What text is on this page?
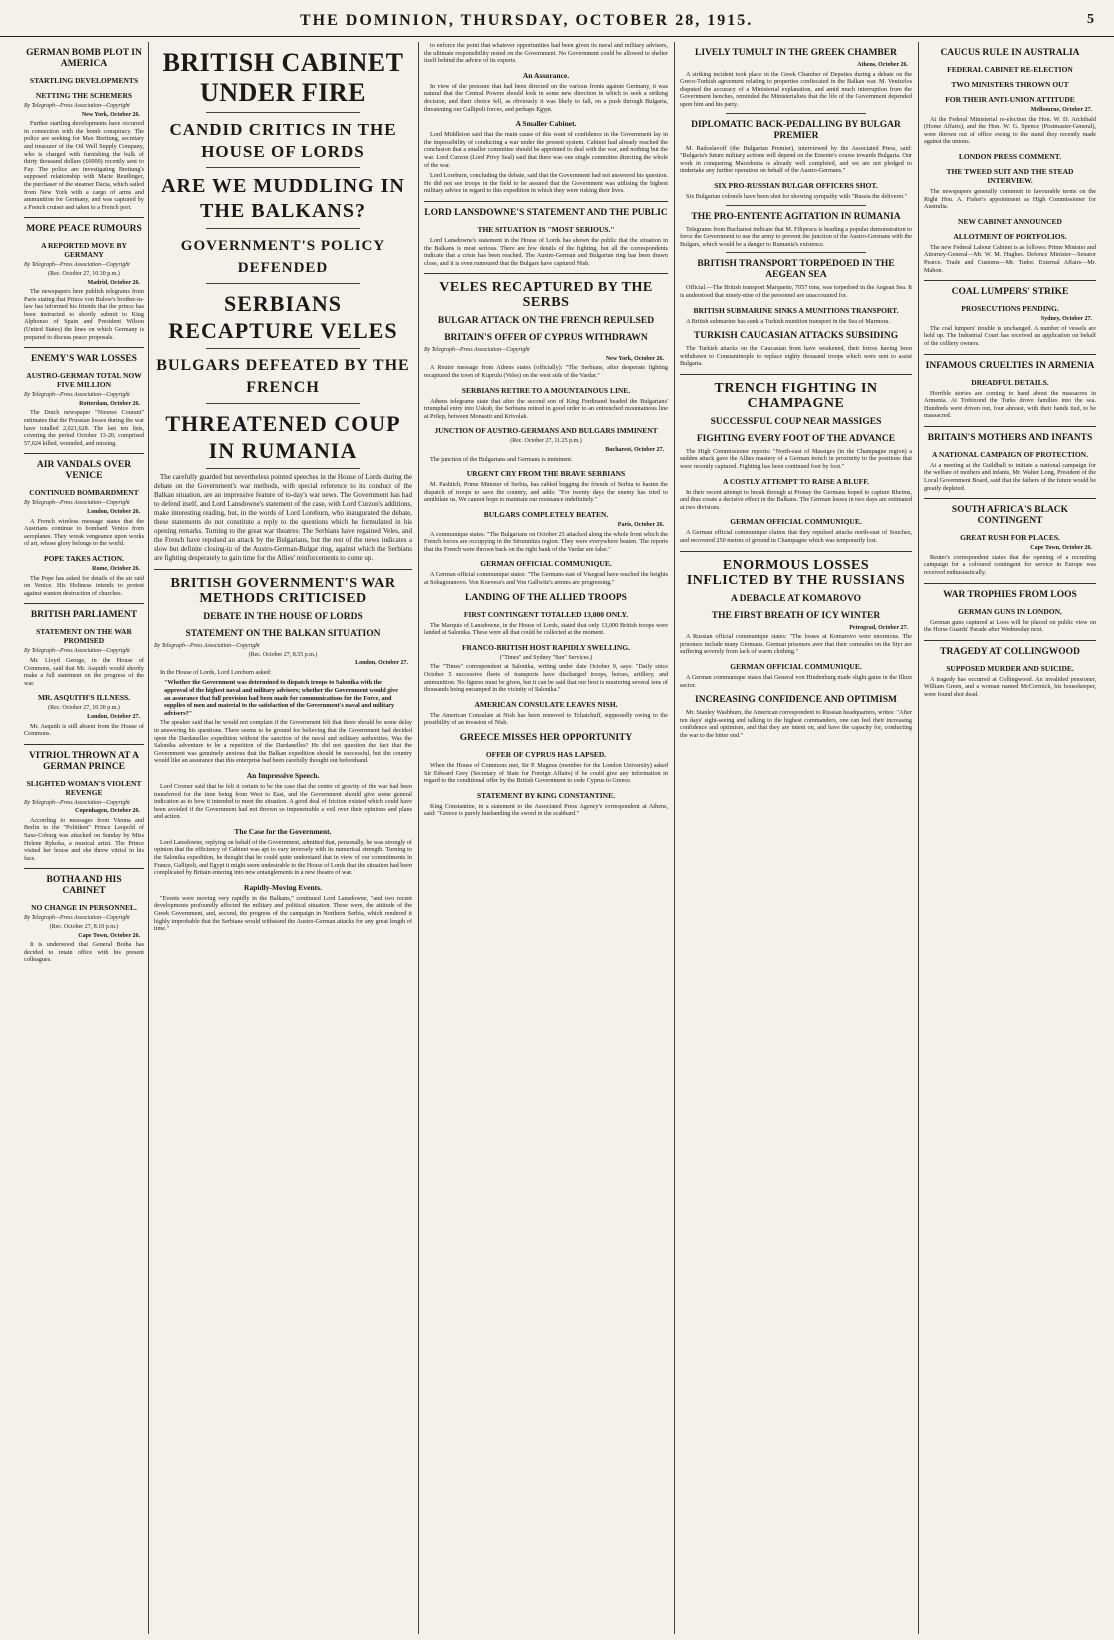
THE DOMINION, THURSDAY, OCTOBER 28, 1915.	5
GERMAN BOMB PLOT IN AMERICA
STARTLING DEVELOPMENTS
NETTING THE SCHEMERS
By Telegraph—Press Association—Copyright
New York, October 26.

Further startling developments have occurred in connection with the bomb conspiracy. The police are seeking for Max Breitung, secretary and treasurer of the Oil Well Supply Company, who is charged with furnishing the bulk of thirty thousand dollars (£6000) recently sent to Fay. The police are investigating Breitung's supposed relationship with Marie Reutlinger, the purchaser of the steamer Dacia, which sailed from New York with a cargo of arms and ammunition for Germany, and was captured by a French cruiser and taken to a French port.

MORE PEACE RUMOURS
A REPORTED MOVE BY GERMANY
By Telegraph—Press Association—Copyright
(Rec. October 27, 10.30 p.m.)
Madrid, October 26.

The newspapers here publish telegrams from Paris stating that Prince von Bulow's brother-in-law has informed his friends that the prince has been instructed to shortly submit to King Alphonso of Spain and President Wilson (United States) the lines on which Germany is prepared to discuss peace proposals.

ENEMY'S WAR LOSSES
AUSTRO-GERMAN TOTAL NOW FIVE MILLION
By Telegraph—Press Association—Copyright
Rotterdam, October 26.

The Dutch newspaper "Nieuwe Courant" estimates that the Prussian losses during the war have totalled 2,021,628. The last ten lists, covering the period October 13-20, comprised 57,624 killed, wounded, and missing.

AIR VANDALS OVER VENICE
CONTINUED BOMBARDMENT
By Telegraph—Press Association—Copyright
London, October 26.

A French wireless message states that the Austrians continue to bombard Venice from aeroplanes. They wreak vengeance upon works of art, whose glory belongs to the world.

POPE TAKES ACTION.
Rome, October 26.

The Pope has asked for details of the air raid on Venice. His Holiness intends to protest against wanton destruction of churches.

BRITISH PARLIAMENT
STATEMENT ON THE WAR PROMISED
By Telegraph—Press Association—Copyright

Mr. Lloyd George, in the House of Commons, said that Mr. Asquith would shortly make a full statement on the progress of the war.

MR. ASQUITH'S ILLNESS.
(Rec. October 27, 10.30 p.m.)
London, October 27.

Mr. Asquith is still absent from the House of Commons.

VITRIOL THROWN AT A GERMAN PRINCE
SLIGHTED WOMAN'S VIOLENT REVENGE
By Telegraph—Press Association—Copyright
Copenhagen, October 26.

According to messages from Vienna and Berlin to the "Politiken" Prince Leopold of Saxe-Coburg was attacked on Sunday by Miss Helene Rykoka, a musical artist. The Prince visited her house and she threw vitriol in his face.

BOTHA AND HIS CABINET
NO CHANGE IN PERSONNEL.
By Telegraph—Press Association—Copyright
(Rec. October 27, 8.10 p.m.)
Cape Town, October 26.

It is understood that General Botha has decided to retain office with his present colleagues.

BRITISH CABINET UNDER FIRE
CANDID CRITICS IN THE HOUSE OF LORDS
ARE WE MUDDLING IN THE BALKANS?
GOVERNMENT'S POLICY DEFENDED
SERBIANS RECAPTURE VELES
BULGARS DEFEATED BY THE FRENCH
THREATENED COUP IN RUMANIA

The carefully guarded but nevertheless pointed speeches in the House of Lords during the debate on the Government's war methods, with special reference to its conduct of the Balkan situation, are an impressive feature of to-day's war news. The Government has had to defend itself, and Lord Lansdowne's statement of the case, with Lord Curzon's additions, make interesting reading, but, in the words of Lord Loreburn, who inaugurated the debate, these statements do not constitute a reply to the questions which he formulated in his opening remarks. Turning to the great war theatres: The Serbians have regained Veles, and the French have repulsed an attack by the Bulgarians, but the rest of the news indicates a slow but definite closing-in of the Austro-German-Bulgar ring, against which the Serbians are fighting desperately to gain time for the Allies' reinforcements to come up.

BRITISH GOVERNMENT'S WAR METHODS CRITICISED
DEBATE IN THE HOUSE OF LORDS
STATEMENT ON THE BALKAN SITUATION
By Telegraph—Press Association—Copyright
(Rec. October 27, 8.55 p.m.)
London, October 27.

In the House of Lords, Lord Loreburn asked:

"Whether the Government was determined to dispatch troops to Salonika with the approval of the highest naval and military advisers; whether the Government would give an assurance that full provision had been made for communications for the Force, and supplies of men and material to the satisfaction of the Government's naval and military advisers?"

The speaker said that he would not complain if the Government felt that there should be some delay in answering his questions. There seems to be ground for believing that the Government had decided upon the Dardanelles expedition without the sanction of the naval and military authorities. Was the Salonika adventure to be a repetition of the Dardanelles? He did not question the fact that the Government was genuinely anxious that the Balkan expedition should be successful, but the country would like an assurance that this enterprise had been carefully thought out beforehand.

An Impressive Speech.

Lord Cromer said that he felt it certain to be the case that the centre of gravity of the war had been transferred for the time being from West to East, and the Government should give some general indication as to how it intended to meet the situation. A good deal of friction existed which could have been avoided if the Government had not thrown so impenetrable a veil over their opinions and plans and action.

The Case for the Government.

Lord Lansdowne, replying on behalf of the Government, admitted that, personally, he was strongly of opinion that the efficiency of Cabinet was apt to vary inversely with its numerical strength. Turning to the Salonika expedition, he thought that he could quite understand that in view of our commitments in France, Gallipoli, and Egypt it might seem undesirable to the House of Lords that the situation had been complicated by Britain entering into new entanglements in a new theatre of war.

Rapidly-Moving Events.

"Events were moving very rapidly in the Balkans," continued Lord Lansdowne, "and two recent developments profoundly affected the military and political situation. These were, the attitude of the Greek Government, and, second, the progress of the campaign in Northern Serbia, which rendered it highly improbable that the Serbians would withstand the Austro-German attacks for any great length of time."

to enforce the point that whatever opportunities had been given its naval and military advisers, the ultimate responsibility rested on the Government. No Government could be allowed to shelter itself behind the advice of its experts.

An Assurance.

In view of the pressure that had been directed on the various fronts against Germany, it was natural that the Central Powers should look in some new direction in which to seek a striking decision, and their choice fell, as obviously it was likely to fall, on a push through Bulgaria, threatening our Gallipoli forces, and perhaps Egypt.

A Smaller Cabinet.

Lord Middleton said that the main cause of this want of confidence in the Government lay in the impossibility of conducting a war under the present system. Cabinet had already reached the conclusion that a smaller committee should be appointed to deal with the war, and nothing but the war. Lord Curzon (Lord Privy Seal) said that there was one single committee directing the whole of the war.

Lord Loreburn, concluding the debate, said that the Government had not answered his question. He did not see troops in the field to be assured that the Government was utilising the highest military advice in regard to this expedition in which they were risking their lives.

LORD LANSDOWNE'S STATEMENT AND THE PUBLIC
THE SITUATION IS "MOST SERIOUS."

Lord Lansdowne's statement in the House of Lords has shown the public that the situation in the Balkans is most serious. There are few details of the fighting, but all the correspondents indicate that a crisis has been reached. The Austro-German and Bulgarian ring has been drawn close, and it is even rumoured that the Bulgars have captured Nish.

VELES RECAPTURED BY THE SERBS
BULGAR ATTACK ON THE FRENCH REPULSED
BRITAIN'S OFFER OF CYPRUS WITHDRAWN
By Telegraph—Press Association—Copyright
New York, October 26.

A Reuter message from Athens states (officially): "The Serbians, after desperate fighting recaptured the town of Kuprulu (Veles) on the west side of the Vardar."

SERBIANS RETIRE TO A MOUNTAINOUS LINE.

Athens telegrams state that after the second son of King Ferdinand headed the Bulgarians' triumphal entry into Uskub, the Serbians retired in good order to an entrenched mountainous line at Prilep, between Monastir and Krivolak.

JUNCTION OF AUSTRO-GERMANS AND BULGARS IMMINENT
(Rec. October 27, 11.25 p.m.)
Bucharest, October 27.

The junction of the Bulgarians and Germans is imminent.

URGENT CRY FROM THE BRAVE SERBIANS

M. Pashitch, Prime Minister of Serbia, has cabled begging the friends of Serbia to hasten the dispatch of troops to save the country, and adds: "For twenty days the enemy has tried to annihilate us. We cannot hope to maintain our resistance indefinitely."

BULGARS COMPLETELY BEATEN.
Paris, October 26.

A communique states: "The Bulgarians on October 25 attacked along the whole front which the French forces are occupying in the Strumnitza region. They were everywhere beaten. The reports that the French were thrown back on the right bank of the Vardar are false."

GERMAN OFFICIAL COMMUNIQUE.

A German official communique states: "The Germans east of Visegrad have reached the heights at Sobagoranovo. Von Koevess's and Von Gallwitz's armies are progressing."

LANDING OF THE ALLIED TROOPS
FIRST CONTINGENT TOTALLED 13,000 ONLY.

The Marquis of Lansdowne, in the House of Lords, stated that only 13,000 British troops were landed at Salonika. These were all that could be collected at the moment.

FRANCO-BRITISH HOST RAPIDLY SWELLING.
("Times" and Sydney "Sun" Services.)

The "Times" correspondent at Salonika, writing under date October 9, says: "Daily since October 5 successive fleets of transports have discharged troops, horses, artillery, and ammunition. No figures must be given, but it can be said that our host is mustering several tens of thousands being encamped in the vicinity of Salonika."

AMERICAN CONSULATE LEAVES NISH.

The American Consulate at Nish has been removed to Tchatchuff, supposedly owing to the possibility of an invasion of Nish.

GREECE MISSES HER OPPORTUNITY
OFFER OF CYPRUS HAS LAPSED.

When the House of Commons met, Sir P. Magnus (member for the London University) asked Sir Edward Grey (Secretary of State for Foreign Affairs) if he could give any information in regard to the conditional offer by the British Government to cede Cyprus to Greece.

STATEMENT BY KING CONSTANTINE.

King Constantine, in a statement to the Associated Press Agency's correspondent at Athens, said: "Greece is purely husbanding the sword in the scabbard."

LIVELY TUMULT IN THE GREEK CHAMBER
Athens, October 26.

A striking incident took place in the Greek Chamber of Deputies during a debate on the Greco-Turkish agreement relating to properties confiscated in the Balkan war. M. Venizelos disputed the accuracy of a Ministerial explanation, and amid much interruption from the Government benches, reminded the Ministerialists that the life of the Government depended upon him and his party.

DIPLOMATIC BACK-PEDALLING BY BULGAR PREMIER

M. Radoslavoff (the Bulgarian Premier), interviewed by the Associated Press, said: "Bulgaria's future military actions will depend on the Entente's course towards Bulgaria. Our work in conquering Macedonia is already well completed, and we are not pledged to undertake any further operation on behalf of the Austro-Germans."

SIX PRO-RUSSIAN BULGAR OFFICERS SHOT.

Six Bulgarian colonels have been shot for showing sympathy with "Russia the deliverer."

THE PRO-ENTENTE AGITATION IN RUMANIA

Telegrams from Bucharest indicate that M. Filipescu is heading a popular demonstration to force the Government to use the army to prevent the junction of the Austro-Germans with the Bulgars, which would be a danger to Rumania's existence.

BRITISH TRANSPORT TORPEDOED IN THE AEGEAN SEA

Official.—The British transport Marquette, 7057 tons, was torpedoed in the Aegean Sea. It is understood that ninety-nine of the personnel are unaccounted for.

BRITISH SUBMARINE SINKS A MUNITIONS TRANSPORT.

A British submarine has sunk a Turkish munition transport in the Sea of Marmora.

TURKISH CAUCASIAN ATTACKS SUBSIDING

The Turkish attacks on the Caucasian front have weakened, their forces having been withdrawn to Constantinople to replace eighty thousand troops which were sent to assist Bulgaria.

TRENCH FIGHTING IN CHAMPAGNE
SUCCESSFUL COUP NEAR MASSIGES
FIGHTING EVERY FOOT OF THE ADVANCE

The High Commissioner reports: "North-east of Massiges (in the Champagne region) a sudden attack gave the Allies mastery of a German trench in proximity to the positions that were recently captured. Fighting has been continued foot by foot."

A COSTLY ATTEMPT TO RAISE A BLUFF.

In their recent attempt to break through at Pronay the Germans hoped to capture Rheims, and thus create a decisive effect in the Balkans. The German losses in two days are estimated at two divisions.

GERMAN OFFICIAL COMMUNIQUE.

A German official communique claims that they repulsed attacks north-east of Souchez, and recovered 250 metres of ground in Champagne which was temporarily lost.

ENORMOUS LOSSES INFLICTED BY THE RUSSIANS
A DEBACLE AT KOMAROVO
THE FIRST BREATH OF ICY WINTER
Petrograd, October 27.

A Russian official communique states: "The losses at Komarovo were enormous. The prisoners include many Germans. German prisoners aver that their comrades on the Styr are suffering severely from lack of warm clothing."

GERMAN OFFICIAL COMMUNIQUE.

A German communique states that General von Hindenburg made slight gains in the Illuxt sector.

INCREASING CONFIDENCE AND OPTIMISM

Mr. Stanley Washburn, the American correspondent to Russian headquarters, writes: "After ten days' sight-seeing and talking to the highest commanders, one can feel their increasing confidence and optimism, and that they are intent on, and have the capacity for, conducting the war to the bitter end."

CAUCUS RULE IN AUSTRALIA
FEDERAL CABINET RE-ELECTION
TWO MINISTERS THROWN OUT
FOR THEIR ANTI-UNION ATTITUDE
Melbourne, October 27.

At the Federal Ministerial re-election the Hon. W. D. Archibald (Home Affairs), and the Hon. W. G. Spence (Postmaster-General), were thrown out of office owing to the stand they recently made against the unions.

LONDON PRESS COMMENT.
THE TWEED SUIT AND THE STEAD INTERVIEW.

The newspapers generally comment in favourable terms on the Right Hon. A. Fisher's appointment as High Commissioner for Australia.

NEW CABINET ANNOUNCED
ALLOTMENT OF PORTFOLIOS.

The new Federal Labour Cabinet is as follows: Prime Minister and Attorney-General—Mr. W. M. Hughes. Defence Minister—Senator Pearce. Trade and Customs—Mr. Tudor. External Affairs—Mr. Mahon.

COAL LUMPERS' STRIKE
PROSECUTIONS PENDING.
Sydney, October 27.

The coal lumpers' trouble is unchanged. A number of vessels are held up. The Industrial Court has received an application on behalf of the colliery owners.

INFAMOUS CRUELTIES IN ARMENIA
DREADFUL DETAILS.

Horrible stories are coming to hand about the massacres in Armenia. At Trebizond the Turks drove families into the sea. Hundreds were driven out, four abreast, with their hands tied, to be massacred.

BRITAIN'S MOTHERS AND INFANTS
A NATIONAL CAMPAIGN OF PROTECTION.

At a meeting at the Guildhall to initiate a national campaign for the welfare of mothers and infants, Mr. Walter Long, President of the Local Government Board, said that the fathers of the future would be greatly depleted.

SOUTH AFRICA'S BLACK CONTINGENT
GREAT RUSH FOR PLACES.
Cape Town, October 26.

Reuter's correspondent states that the opening of a recruiting campaign for a coloured contingent for service in Europe was received enthusiastically.

WAR TROPHIES FROM LOOS
GERMAN GUNS IN LONDON.

German guns captured at Loos will be placed on public view on the Horse Guards' Parade after Wednesday next.

TRAGEDY AT COLLINGWOOD
SUPPOSED MURDER AND SUICIDE.

A tragedy has occurred at Collingwood. An invalided pensioner, William Green, and a woman named McCormick, his housekeeper, were found shot dead.
